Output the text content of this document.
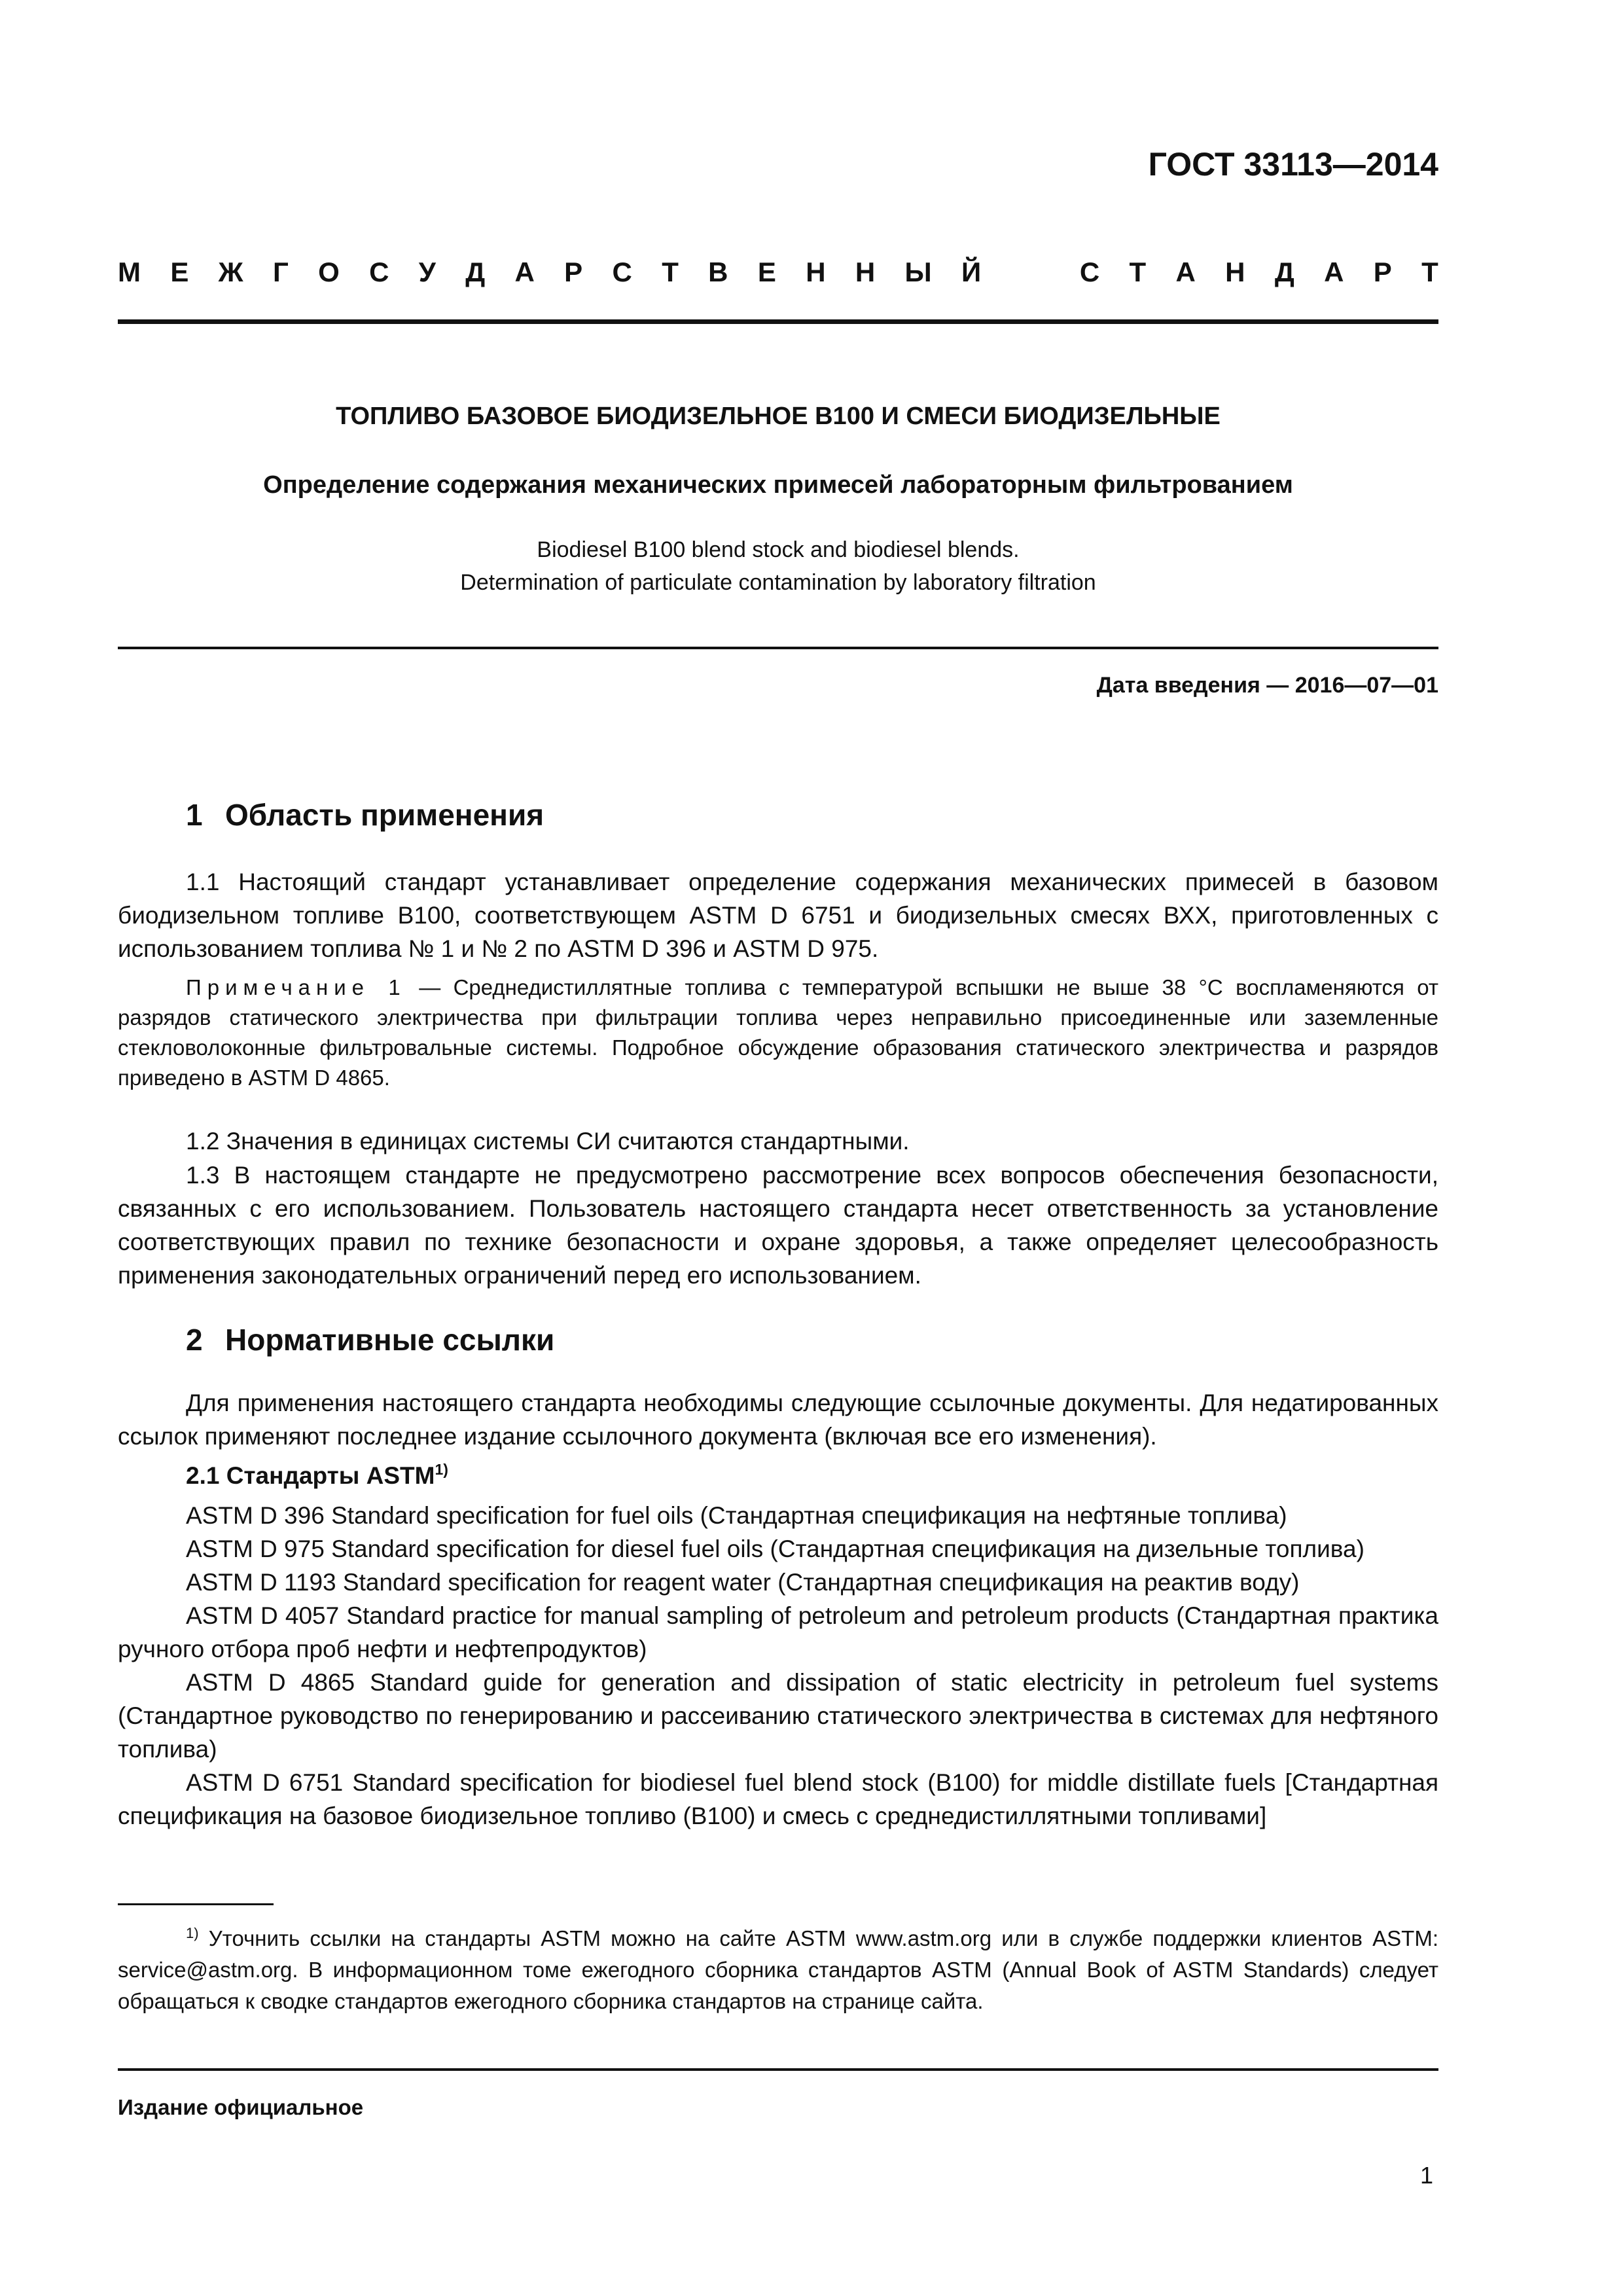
ГОСТ 33113—2014
М Е Ж Г О С У Д А Р С Т В Е Н Н Ы Й	С Т А Н Д А Р Т
ТОПЛИВО БАЗОВОЕ БИОДИЗЕЛЬНОЕ В100 И СМЕСИ БИОДИЗЕЛЬНЫЕ
Определение содержания механических примесей лабораторным фильтрованием
Biodiesel B100 blend stock and biodiesel blends.
Determination of particulate contamination by laboratory filtration
Дата введения — 2016—07—01
1 Область применения

1.1 Настоящий стандарт устанавливает определение содержания механических примесей в базовом биодизельном топливе В100, соответствующем ASTM D 6751 и биодизельных смесях ВХХ, приготовленных с использованием топлива № 1 и № 2 по ASTM D 396 и ASTM D 975.

Примечание 1 — Среднедистиллятные топлива с температурой вспышки не выше 38 °C воспламеняются от разрядов статического электричества при фильтрации топлива через неправильно присоединенные или заземленные стекловолоконные фильтровальные системы. Подробное обсуждение образования статического электричества и разрядов приведено в ASTM D 4865.

1.2 Значения в единицах системы СИ считаются стандартными.

1.3 В настоящем стандарте не предусмотрено рассмотрение всех вопросов обеспечения безопасности, связанных с его использованием. Пользователь настоящего стандарта несет ответственность за установление соответствующих правил по технике безопасности и охране здоровья, а также определяет целесообразность применения законодательных ограничений перед его использованием.

2 Нормативные ссылки

Для применения настоящего стандарта необходимы следующие ссылочные документы. Для недатированных ссылок применяют последнее издание ссылочного документа (включая все его изменения).

2.1 Стандарты ASTM$^{1)}$

ASTM D 396 Standard specification for fuel oils (Стандартная спецификация на нефтяные топлива)

ASTM D 975 Standard specification for diesel fuel oils (Стандартная спецификация на дизельные топлива)

ASTM D 1193 Standard specification for reagent water (Стандартная спецификация на реактив воду)

ASTM D 4057 Standard practice for manual sampling of petroleum and petroleum products (Стандартная практика ручного отбора проб нефти и нефтепродуктов)

ASTM D 4865 Standard guide for generation and dissipation of static electricity in petroleum fuel systems (Стандартное руководство по генерированию и рассеиванию статического электричества в системах для нефтяного топлива)

ASTM D 6751 Standard specification for biodiesel fuel blend stock (B100) for middle distillate fuels [Стандартная спецификация на базовое биодизельное топливо (В100) и смесь с среднедистиллятными топливами]

$^{1)}$ Уточнить ссылки на стандарты ASTM можно на сайте ASTM www.astm.org или в службе поддержки клиентов ASTM: service@astm.org. В информационном томе ежегодного сборника стандартов ASTM (Annual Book of ASTM Standards) следует обращаться к сводке стандартов ежегодного сборника стандартов на странице сайта.

Издание официальное
1
